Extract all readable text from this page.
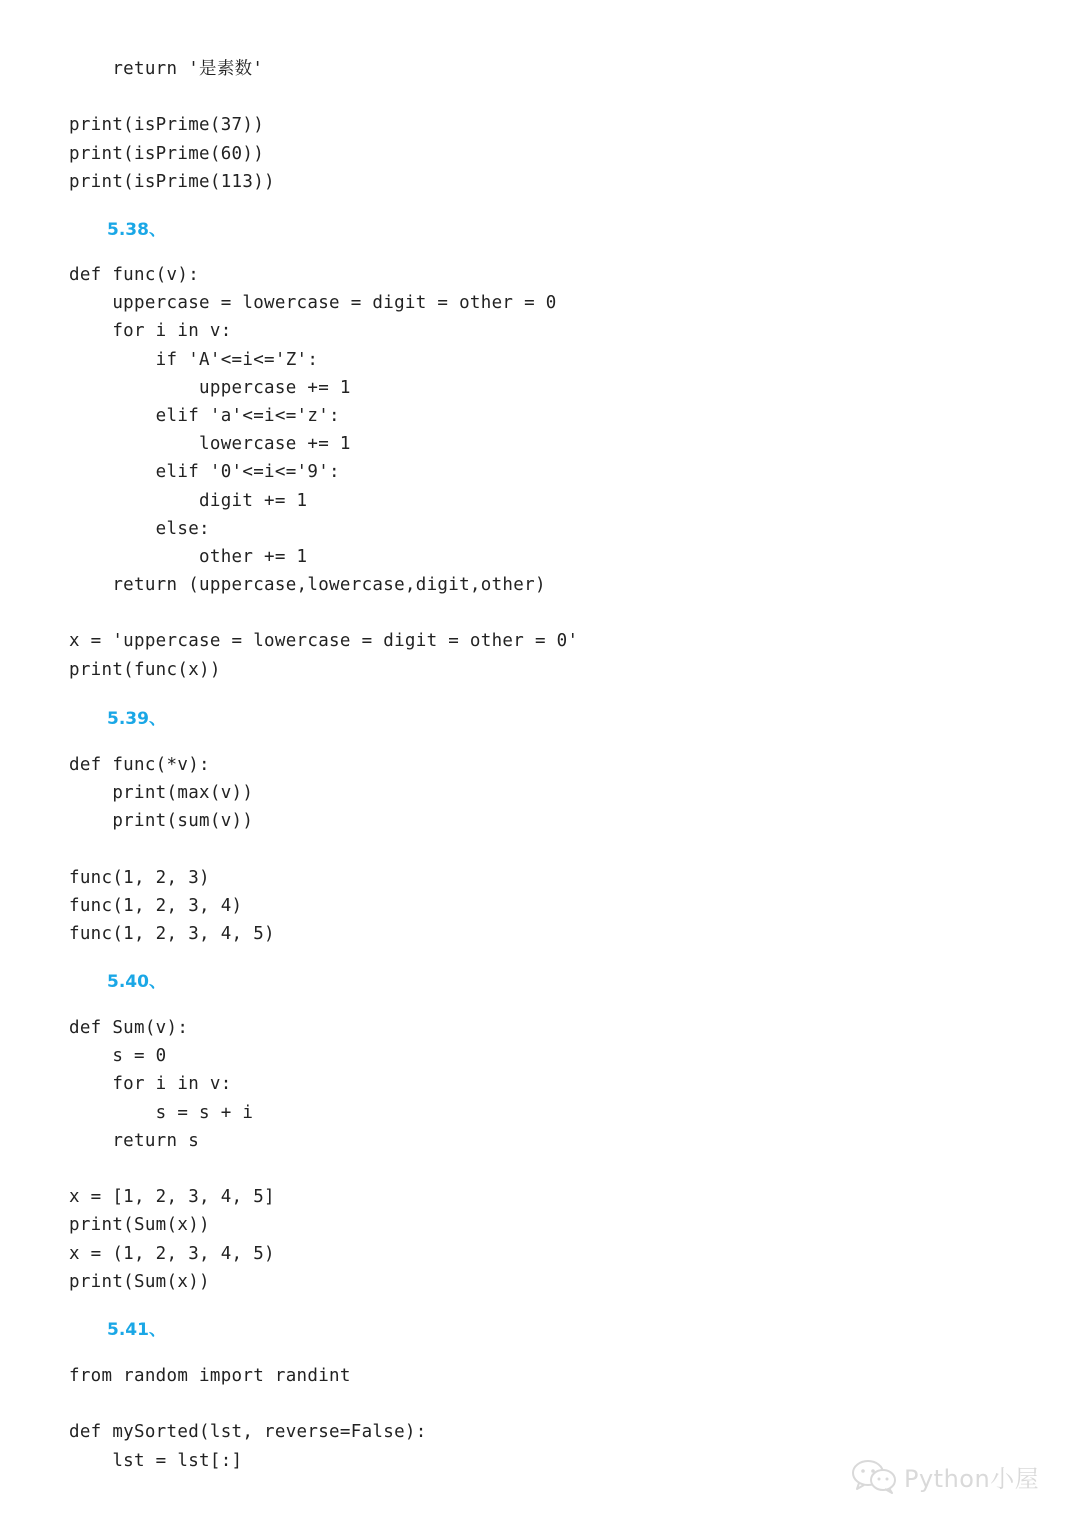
return '是素数'
print(isPrime(37))
print(isPrime(60))
print(isPrime(113))
5.38、
def func(v):
uppercase = lowercase = digit = other = 0
for i in v:
if 'A'<=i<='Z':
uppercase += 1
elif 'a'<=i<='z':
lowercase += 1
elif '0'<=i<='9':
digit += 1
else:
other += 1
return (uppercase,lowercase,digit,other)
x = 'uppercase = lowercase = digit = other = 0'
print(func(x))
5.39、
def func(*v):
print(max(v))
print(sum(v))
func(1, 2, 3)
func(1, 2, 3, 4)
func(1, 2, 3, 4, 5)
5.40、
def Sum(v):
s = 0
for i in v:
s = s + i
return s
x = [1, 2, 3, 4, 5]
print(Sum(x))
x = (1, 2, 3, 4, 5)
print(Sum(x))
5.41、
from random import randint
def mySorted(lst, reverse=False):
lst = lst[:]
Python小屋
